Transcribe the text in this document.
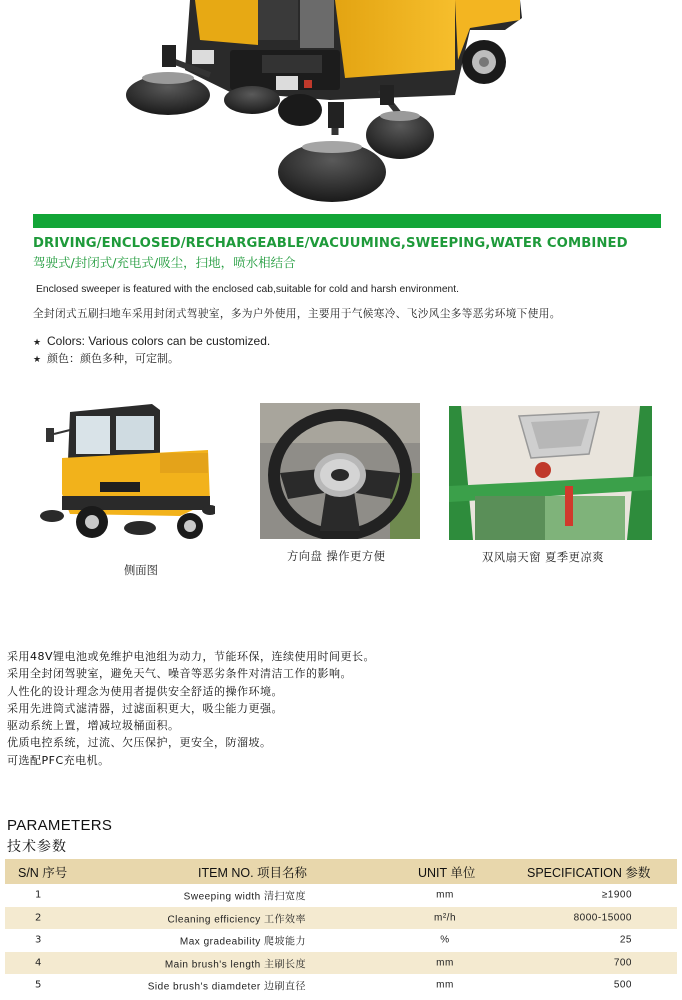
DRIVING/ENCLOSED/RECHARGEABLE/VACUUMING,SWEEPING,WATER COMBINED
驾驶式/封闭式/充电式/吸尘，扫地，喷水相结合
Enclosed sweeper is featured with the enclosed cab,suitable for cold and harsh environment.
全封闭式五刷扫地车采用封闭式驾驶室，多为户外使用，主要用于气候寒冷、飞沙风尘多等恶劣环境下使用。
★ Colors: Various colors can be customized.
★ 颜色：颜色多种，可定制。
侧面图
方向盘 操作更方便	双风扇天窗 夏季更凉爽
采用48V锂电池或免维护电池组为动力，节能环保，连续使用时间更长。
采用全封闭驾驶室，避免天气、噪音等恶劣条件对清洁工作的影响。
人性化的设计理念为使用者提供安全舒适的操作环境。
采用先进筒式滤清器，过滤面积更大，吸尘能力更强。
驱动系统上置，增减垃圾桶面积。
优质电控系统，过流、欠压保护，更安全，防溜坡。
可选配PFC充电机。
PARAMETERS
技术参数
S/N 序号	ITEM NO. 项目名称	UNIT 单位	SPECIFICATION 参数
1	Sweeping width 清扫宽度	mm	≥1900
2	Cleaning efficiency 工作效率	m²/h	8000-15000
3	Max gradeability 爬坡能力	%	25
4	Main brush's length 主刷长度	mm	700
5	Side brush's diamdeter 边刷直径	mm	500
